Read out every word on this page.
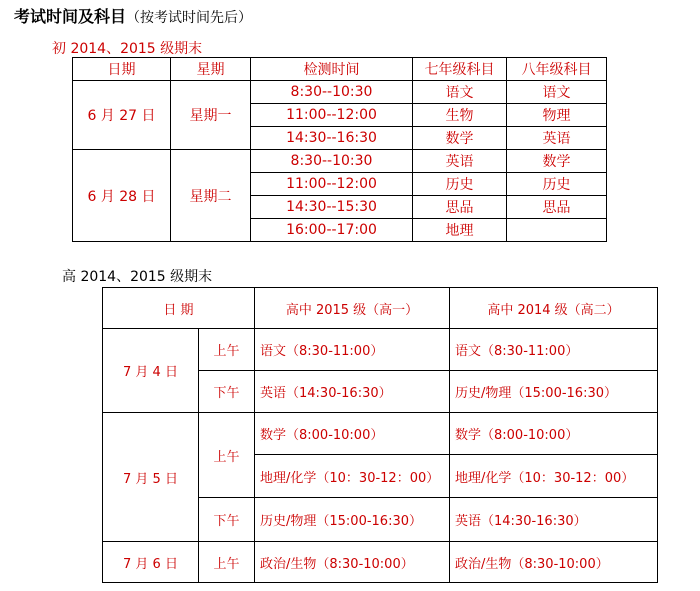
考试时间及科目（按考试时间先后）
初 2014、2015 级期末
日期	星期	检测时间	七年级科目	八年级科目
6 月 27 日	星期一	8:30--10:30	语文	语文
		11:00--12:00	生物	物理
		14:30--16:30	数学	英语
6 月 28 日	星期二	8:30--10:30	英语	数学
		11:00--12:00	历史	历史
		14:30--15:30	思品	思品
		16:00--17:00	地理	
高 2014、2015 级期末
日 期		高中 2015 级（高一）	高中 2014 级（高二）
7 月 4 日	上午	语文（8:30-11:00）	语文（8:30-11:00）
	下午	英语（14:30-16:30）	历史/物理（15:00-16:30）
7 月 5 日	上午	数学（8:00-10:00）	数学（8:00-10:00）
		地理/化学（10：30-12：00）	地理/化学（10：30-12：00）
	下午	历史/物理（15:00-16:30）	英语（14:30-16:30）
7 月 6 日	上午	政治/生物（8:30-10:00）	政治/生物（8:30-10:00）
